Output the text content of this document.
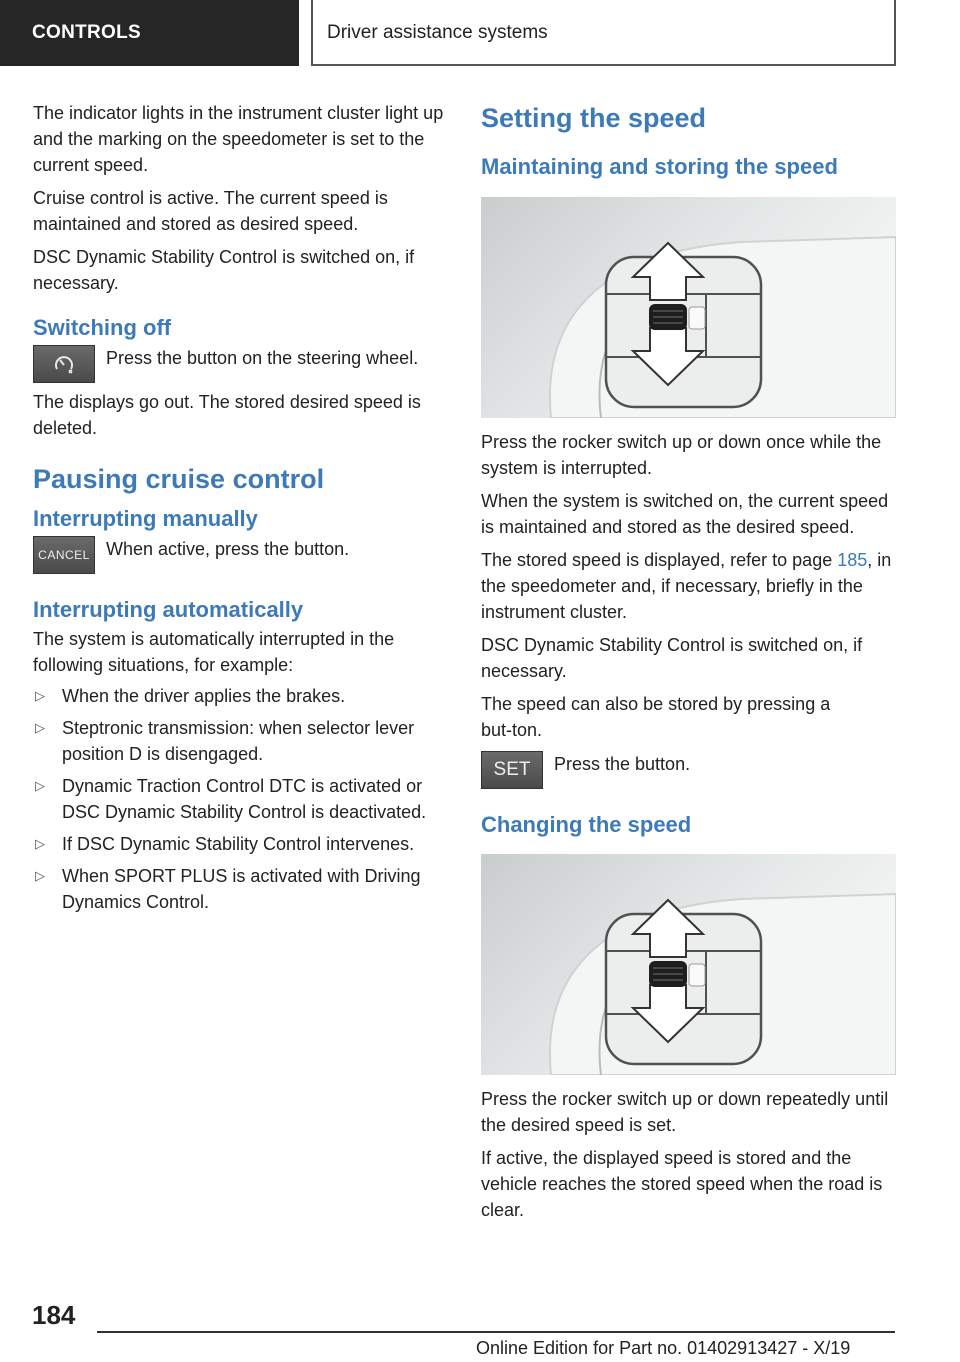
CONTROLS	Driver assistance systems

The indicator lights in the instrument cluster light up and the marking on the speedometer is set to the current speed.

Cruise control is active. The current speed is maintained and stored as desired speed.

DSC Dynamic Stability Control is switched on, if necessary.

Switching off
Press the button on the steering wheel.

The displays go out. The stored desired speed is deleted.

Pausing cruise control
Interrupting manually
CANCEL When active, press the button.
Interrupting automatically

The system is automatically interrupted in the following situations, for example:

▷ When the driver applies the brakes.
▷ Steptronic transmission: when selector lever position D is disengaged.
▷ Dynamic Traction Control DTC is activated or DSC Dynamic Stability Control is deactivated.
▷ If DSC Dynamic Stability Control intervenes.
▷ When SPORT PLUS is activated with Driving Dynamics Control.
Setting the speed
Maintaining and storing the speed

Press the rocker switch up or down once while the system is interrupted.

When the system is switched on, the current speed is maintained and stored as the desired speed.

The stored speed is displayed, refer to page 185, in the speedometer and, if necessary, briefly in the instrument cluster.

DSC Dynamic Stability Control is switched on, if necessary.

The speed can also be stored by pressing a but‑ton.

SET Press the button.
Changing the speed

Press the rocker switch up or down repeatedly until the desired speed is set.

If active, the displayed speed is stored and the vehicle reaches the stored speed when the road is clear.

184
Online Edition for Part no. 01402913427 - X/19
